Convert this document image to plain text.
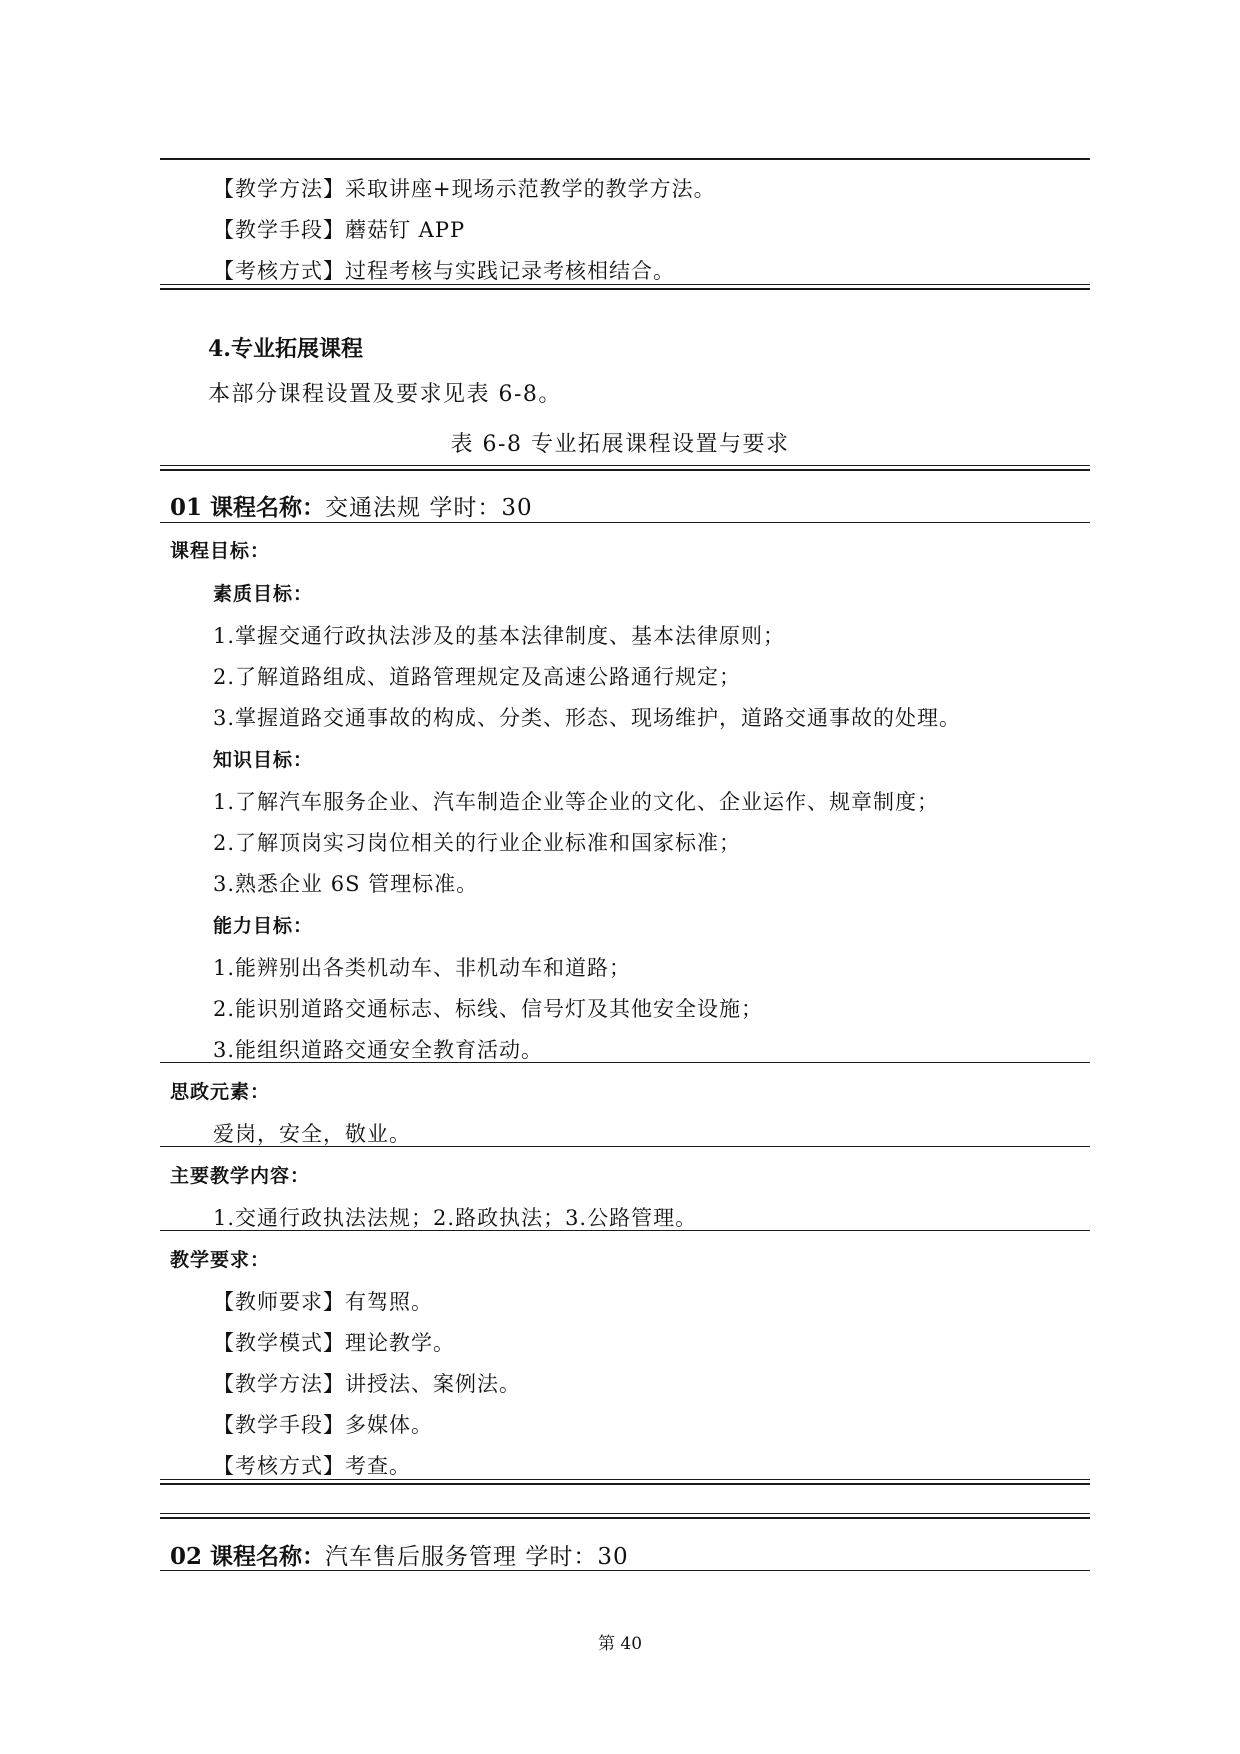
【教学方法】采取讲座+现场示范教学的教学方法。
【教学手段】蘑菇钉 APP
【考核方式】过程考核与实践记录考核相结合。
4.专业拓展课程
本部分课程设置及要求见表 6-8。
表 6-8 专业拓展课程设置与要求
01 课程名称：交通法规 学时：30
课程目标：
素质目标：
1.掌握交通行政执法涉及的基本法律制度、基本法律原则；
2.了解道路组成、道路管理规定及高速公路通行规定；
3.掌握道路交通事故的构成、分类、形态、现场维护，道路交通事故的处理。
知识目标：
1.了解汽车服务企业、汽车制造企业等企业的文化、企业运作、规章制度；
2.了解顶岗实习岗位相关的行业企业标准和国家标准；
3.熟悉企业 6S 管理标准。
能力目标：
1.能辨别出各类机动车、非机动车和道路；
2.能识别道路交通标志、标线、信号灯及其他安全设施；
3.能组织道路交通安全教育活动。
思政元素：
爱岗，安全，敬业。
主要教学内容：
1.交通行政执法法规；2.路政执法；3.公路管理。
教学要求：
【教师要求】有驾照。
【教学模式】理论教学。
【教学方法】讲授法、案例法。
【教学手段】多媒体。
【考核方式】考查。
02 课程名称：汽车售后服务管理 学时：30
第 40
